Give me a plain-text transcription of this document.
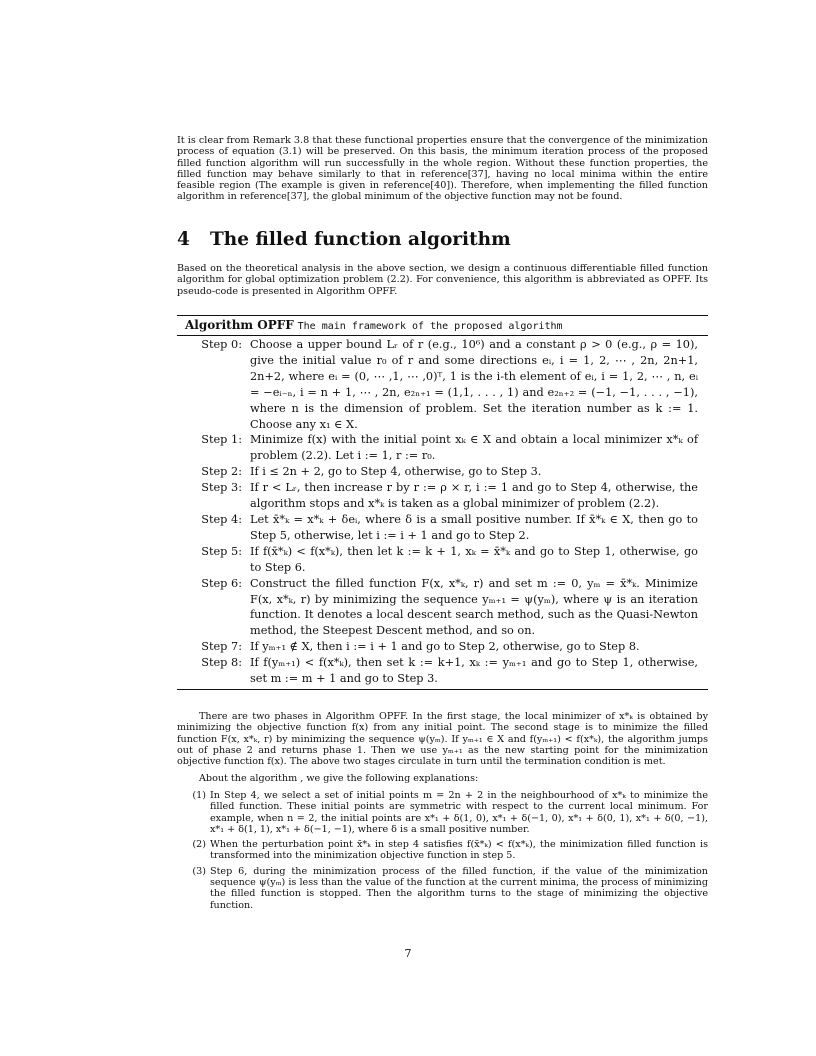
It is clear from Remark 3.8 that these functional properties ensure that the convergence of the minimization process of equation (3.1) will be preserved. On this basis, the minimum iteration process of the proposed filled function algorithm will run successfully in the whole region. Without these function properties, the filled function may behave similarly to that in reference[37], having no local minima within the entire feasible region (The example is given in reference[40]). Therefore, when implementing the filled function algorithm in reference[37], the global minimum of the objective function may not be found.

4 The filled function algorithm

Based on the theoretical analysis in the above section, we design a continuous differentiable filled function algorithm for global optimization problem (2.2). For convenience, this algorithm is abbreviated as OPFF. Its pseudo-code is presented in Algorithm OPFF.

Algorithm OPFF The main framework of the proposed algorithm
Step 0: Choose a upper bound Lᵣ of r (e.g., 10⁶) and a constant ρ > 0 (e.g., ρ = 10), give the initial value r₀ of r and some directions eᵢ, i = 1, 2, ⋯ , 2n, 2n+1, 2n+2, where eᵢ = (0, ⋯ ,1, ⋯ ,0)ᵀ, 1 is the i-th element of eᵢ, i = 1, 2, ⋯ , n, eᵢ = −eᵢ₋ₙ, i = n + 1, ⋯ , 2n, e₂ₙ₊₁ = (1,1, . . . , 1) and e₂ₙ₊₂ = (−1, −1, . . . , −1), where n is the dimension of problem. Set the iteration number as k := 1. Choose any x₁ ∈ X.
Step 1: Minimize f(x) with the initial point xₖ ∈ X and obtain a local minimizer x*ₖ of problem (2.2). Let i := 1, r := r₀.
Step 2: If i ≤ 2n + 2, go to Step 4, otherwise, go to Step 3.
Step 3: If r < Lᵣ, then increase r by r := ρ × r, i := 1 and go to Step 4, otherwise, the algorithm stops and x*ₖ is taken as a global minimizer of problem (2.2).
Step 4: Let x̄*ₖ = x*ₖ + δeᵢ, where δ is a small positive number. If x̄*ₖ ∈ X, then go to Step 5, otherwise, let i := i + 1 and go to Step 2.
Step 5: If f(x̄*ₖ) < f(x*ₖ), then let k := k + 1, xₖ = x̄*ₖ and go to Step 1, otherwise, go to Step 6.
Step 6: Construct the filled function F(x, x*ₖ, r) and set m := 0, yₘ = x̄*ₖ. Minimize F(x, x*ₖ, r) by minimizing the sequence yₘ₊₁ = ψ(yₘ), where ψ is an iteration function. It denotes a local descent search method, such as the Quasi-Newton method, the Steepest Descent method, and so on.
Step 7: If yₘ₊₁ ∉ X, then i := i + 1 and go to Step 2, otherwise, go to Step 8.
Step 8: If f(yₘ₊₁) < f(x*ₖ), then set k := k+1, xₖ := yₘ₊₁ and go to Step 1, otherwise, set m := m + 1 and go to Step 3.

There are two phases in Algorithm OPFF. In the first stage, the local minimizer of x*ₖ is obtained by minimizing the objective function f(x) from any initial point. The second stage is to minimize the filled function F(x, x*ₖ, r) by minimizing the sequence ψ(yₘ). If yₘ₊₁ ∈ X and f(yₘ₊₁) < f(x*ₖ), the algorithm jumps out of phase 2 and returns phase 1. Then we use yₘ₊₁ as the new starting point for the minimization objective function f(x). The above two stages circulate in turn until the termination condition is met.

About the algorithm , we give the following explanations:

(1) In Step 4, we select a set of initial points m = 2n + 2 in the neighbourhood of x*ₖ to minimize the filled function. These initial points are symmetric with respect to the current local minimum. For example, when n = 2, the initial points are x*₁ + δ(1, 0), x*₁ + δ(−1, 0), x*₁ + δ(0, 1), x*₁ + δ(0, −1), x*₁ + δ(1, 1), x*₁ + δ(−1, −1), where δ is a small positive number.
(2) When the perturbation point x̄*ₖ in step 4 satisfies f(x̄*ₖ) < f(x*ₖ), the minimization filled function is transformed into the minimization objective function in step 5.
(3) Step 6, during the minimization process of the filled function, if the value of the minimization sequence ψ(yₘ) is less than the value of the function at the current minima, the process of minimizing the filled function is stopped. Then the algorithm turns to the stage of minimizing the objective function.

7
